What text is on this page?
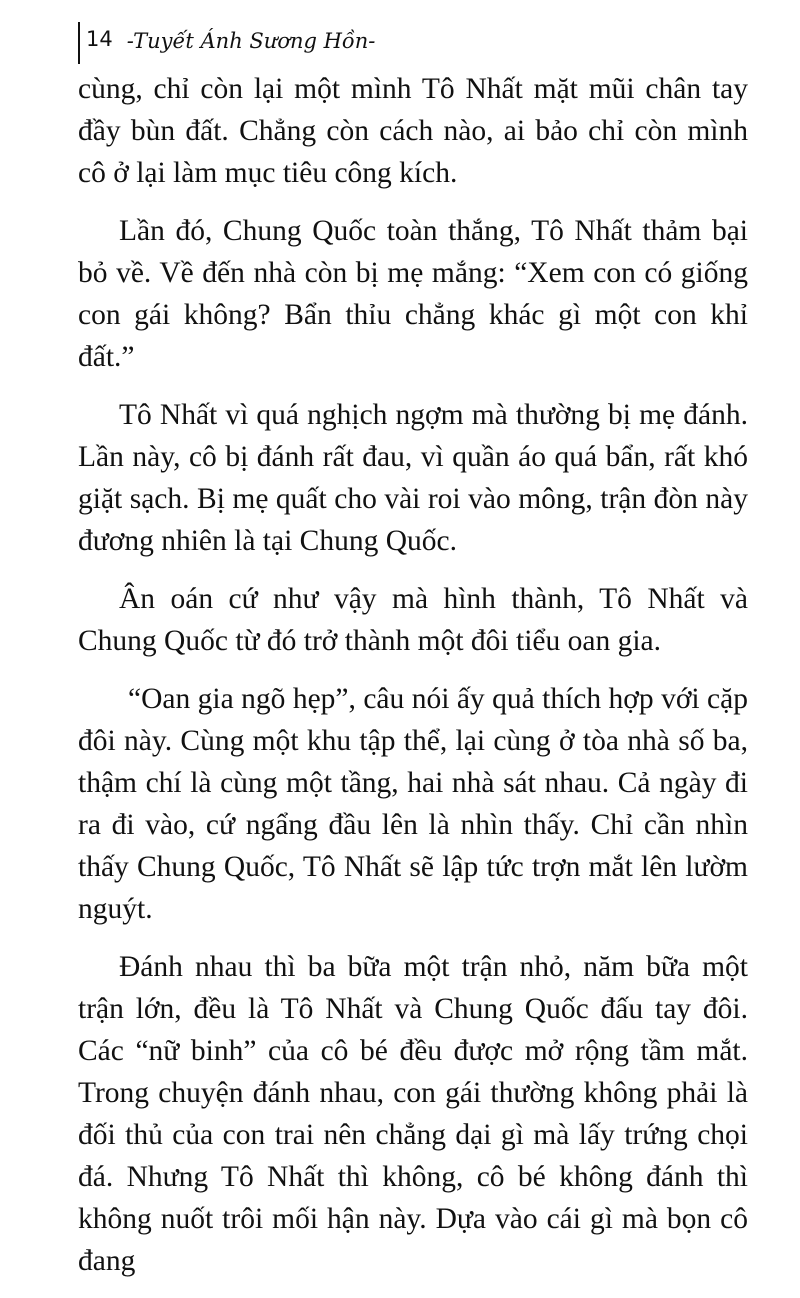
14 -Tuyết Ánh Sương Hồn-

cùng, chỉ còn lại một mình Tô Nhất mặt mũi chân tay đầy bùn đất. Chẳng còn cách nào, ai bảo chỉ còn mình cô ở lại làm mục tiêu công kích.

Lần đó, Chung Quốc toàn thắng, Tô Nhất thảm bại bỏ về. Về đến nhà còn bị mẹ mắng: “Xem con có giống con gái không? Bẩn thỉu chẳng khác gì một con khỉ đất.”

Tô Nhất vì quá nghịch ngợm mà thường bị mẹ đánh. Lần này, cô bị đánh rất đau, vì quần áo quá bẩn, rất khó giặt sạch. Bị mẹ quất cho vài roi vào mông, trận đòn này đương nhiên là tại Chung Quốc.

Ân oán cứ như vậy mà hình thành, Tô Nhất và Chung Quốc từ đó trở thành một đôi tiểu oan gia.

“Oan gia ngõ hẹp”, câu nói ấy quả thích hợp với cặp đôi này. Cùng một khu tập thể, lại cùng ở tòa nhà số ba, thậm chí là cùng một tầng, hai nhà sát nhau. Cả ngày đi ra đi vào, cứ ngẩng đầu lên là nhìn thấy. Chỉ cần nhìn thấy Chung Quốc, Tô Nhất sẽ lập tức trợn mắt lên lườm nguýt.

Đánh nhau thì ba bữa một trận nhỏ, năm bữa một trận lớn, đều là Tô Nhất và Chung Quốc đấu tay đôi. Các “nữ binh” của cô bé đều được mở rộng tầm mắt. Trong chuyện đánh nhau, con gái thường không phải là đối thủ của con trai nên chẳng dại gì mà lấy trứng chọi đá. Nhưng Tô Nhất thì không, cô bé không đánh thì không nuốt trôi mối hận này. Dựa vào cái gì mà bọn cô đang
